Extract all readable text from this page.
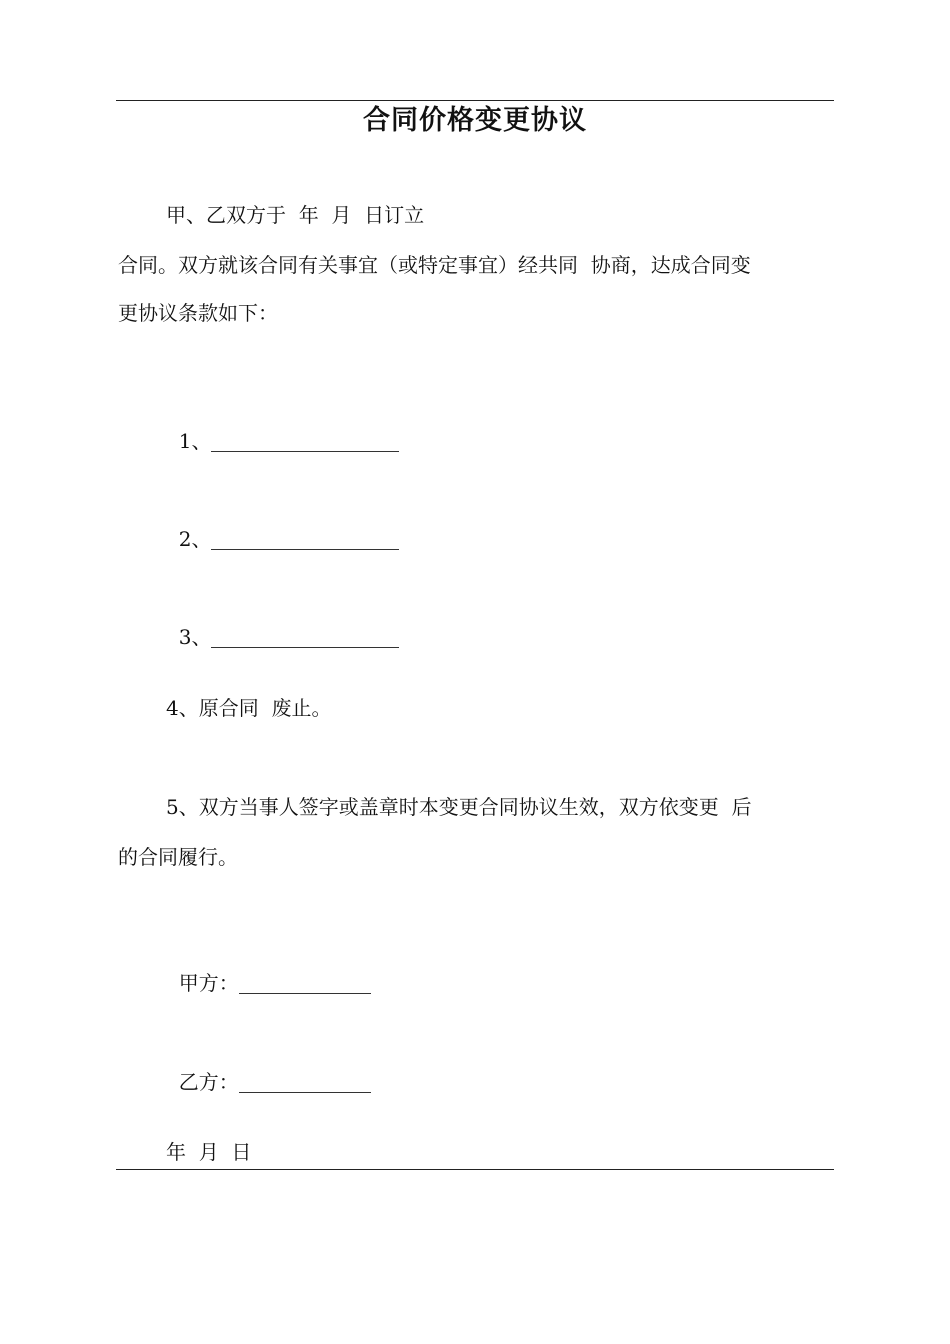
合同价格变更协议
甲、乙双方于  年  月  日订立
合同。双方就该合同有关事宜（或特定事宜）经共同  协商，达成合同变
更协议条款如下：

1、

2、

3、

4、原合同  废止。
5、双方当事人签字或盖章时本变更合同协议生效，双方依变更  后
的合同履行。

甲方：

乙方：

年  月  日
